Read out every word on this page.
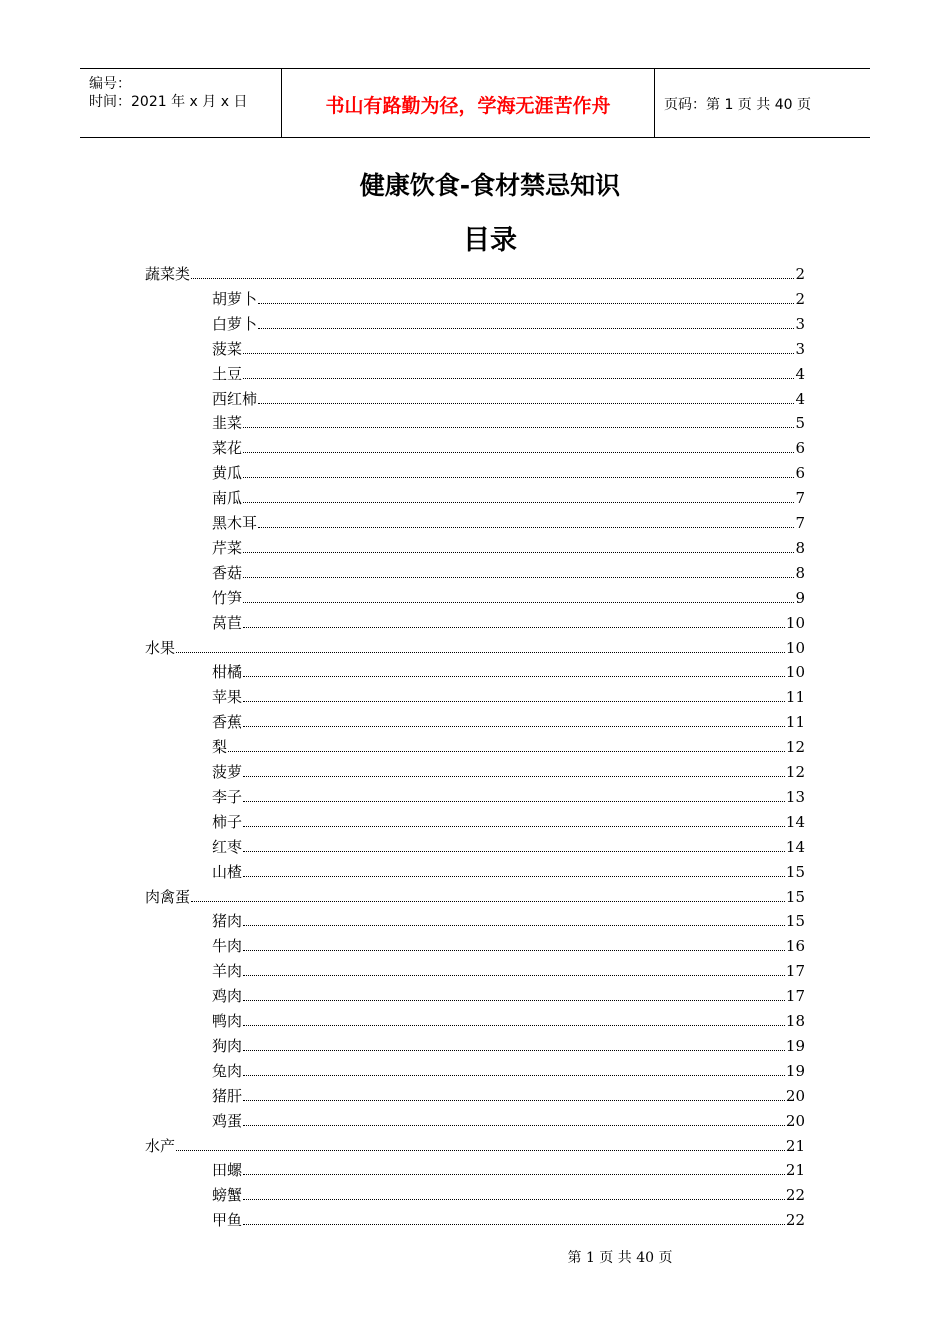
编号：
时间：2021 年 x 月 x 日	书山有路勤为径，学海无涯苦作舟	页码：第 1 页 共 40 页
健康饮食-食材禁忌知识
目录
蔬菜类	2
胡萝卜	2
白萝卜	3
菠菜	3
土豆	4
西红柿	4
韭菜	5
菜花	6
黄瓜	6
南瓜	7
黑木耳	7
芹菜	8
香菇	8
竹笋	9
莴苣	10
水果	10
柑橘	10
苹果	11
香蕉	11
梨	12
菠萝	12
李子	13
柿子	14
红枣	14
山楂	15
肉禽蛋	15
猪肉	15
牛肉	16
羊肉	17
鸡肉	17
鸭肉	18
狗肉	19
兔肉	19
猪肝	20
鸡蛋	20
水产	21
田螺	21
螃蟹	22
甲鱼	22
第 1 页 共 40 页
